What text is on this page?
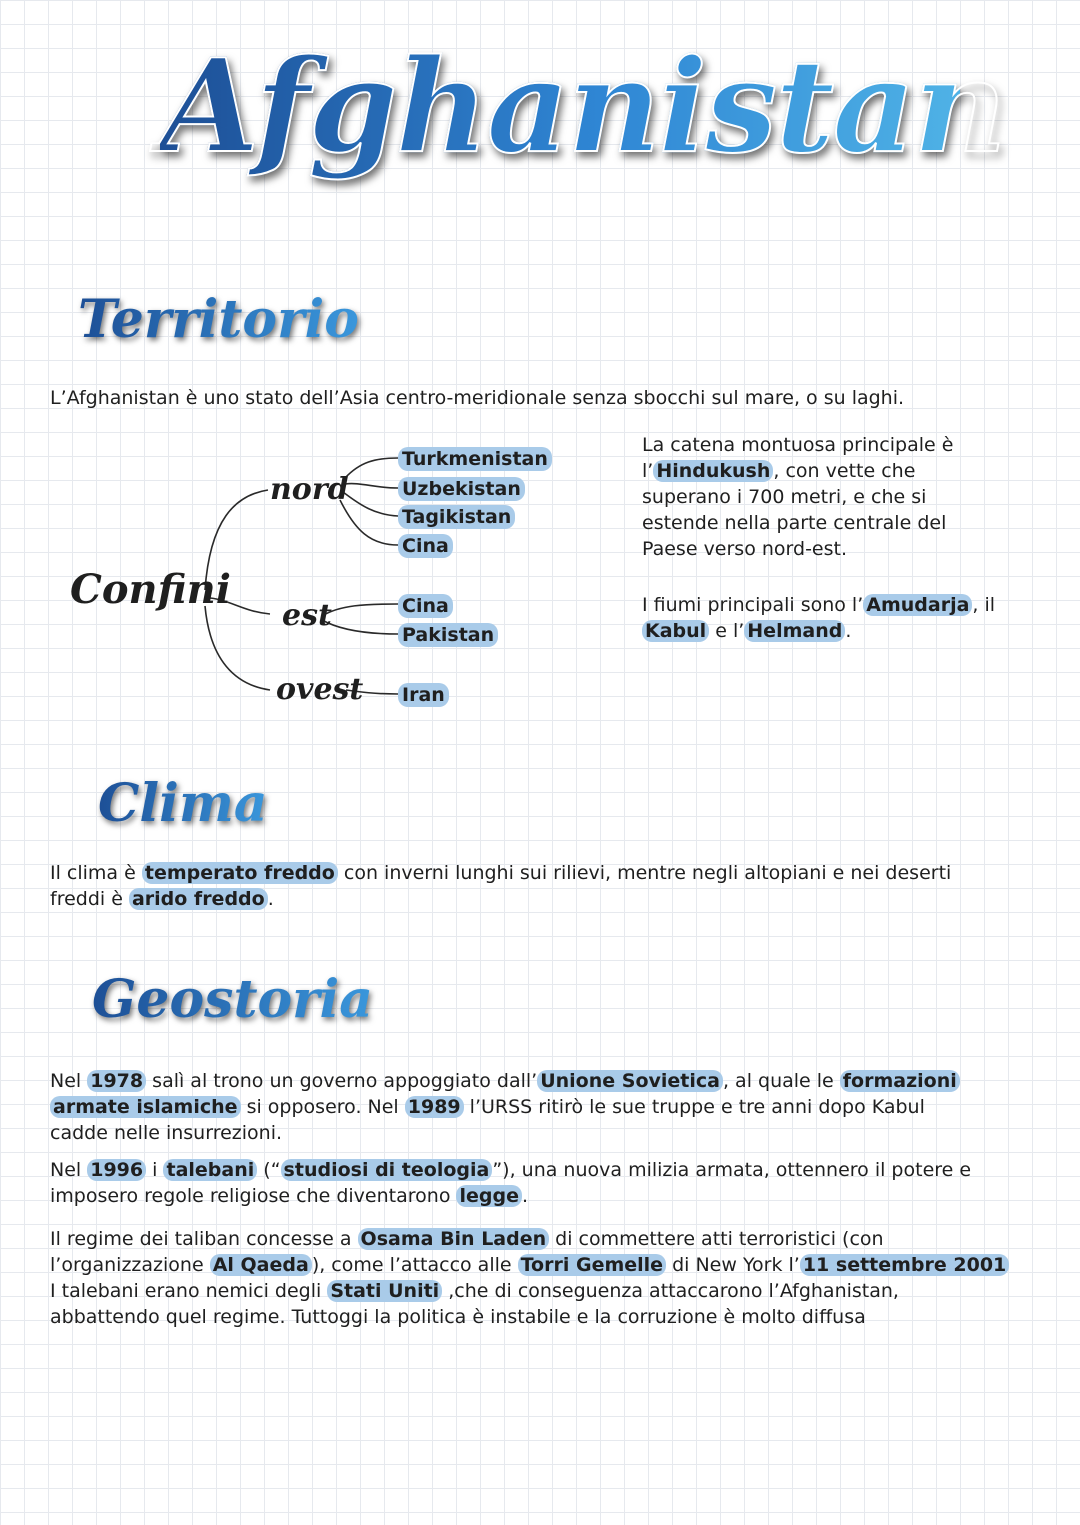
Afghanistan
Territorio
L’Afghanistan è uno stato dell’Asia centro-meridionale senza sbocchi sul mare, o su laghi.
Confini
nord
est
ovest
Turkmenistan
Uzbekistan
Tagikistan
Cina
Cina
Pakistan
Iran
La catena montuosa principale è
l’ Hindukush , con vette che
superano i 700 metri, e che si
estende nella parte centrale del
Paese verso nord-est.
I fiumi principali sono l’ Amudarja , il
Kabul e l’ Helmand .
Clima
Il clima è temperato freddo con inverni lunghi sui rilievi, mentre negli altopiani e nei deserti
freddi è arido freddo .
Geostoria
Nel 1978 salì al trono un governo appoggiato dall’ Unione Sovietica , al quale le formazioni
armate islamiche si opposero. Nel 1989 l’URSS ritirò le sue truppe e tre anni dopo Kabul
cadde nelle insurrezioni.
Nel 1996 i talebani (“ studiosi di teologia ”), una nuova milizia armata, ottennero il potere e
imposero regole religiose che diventarono legge .
Il regime dei taliban concesse a Osama Bin Laden di commettere atti terroristici (con
l’organizzazione Al Qaeda ), come l’attacco alle Torri Gemelle di New York l’ 11 settembre 2001
I talebani erano nemici degli Stati Uniti ,che di conseguenza attaccarono l’Afghanistan,
abbattendo quel regime. Tuttoggi la politica è instabile e la corruzione è molto diffusa
